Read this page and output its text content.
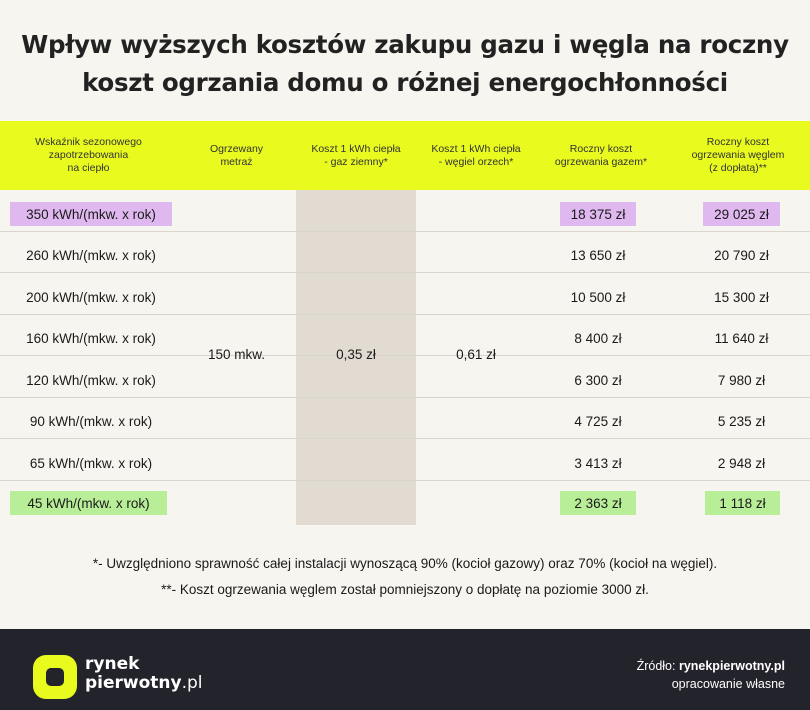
Wpływ wyższych kosztów zakupu gazu i węgla na roczny
koszt ogrzania domu o różnej energochłonności
Wskaźnik sezonowego
zapotrzebowania
na ciepło
Ogrzewany
metraż
Koszt 1 kWh ciepła
- gaz ziemny*
Koszt 1 kWh ciepła
- węgiel orzech*
Roczny koszt
ogrzewania gazem*
Roczny koszt
ogrzewania węglem
(z dopłatą)**
350 kWh/(mkw. x rok)
260 kWh/(mkw. x rok)
200 kWh/(mkw. x rok)
160 kWh/(mkw. x rok)
120 kWh/(mkw. x rok)
90 kWh/(mkw. x rok)
65 kWh/(mkw. x rok)
45 kWh/(mkw. x rok)
150 mkw.	0,35 zł	0,61 zł
18 375 zł
13 650 zł
10 500 zł
8 400 zł
6 300 zł
4 725 zł
3 413 zł
2 363 zł
29 025 zł
20 790 zł
15 300 zł
11 640 zł
7 980 zł
5 235 zł
2 948 zł
1 118 zł
*- Uwzględniono sprawność całej instalacji wynoszącą 90% (kocioł gazowy) oraz 70% (kocioł na węgiel).
**- Koszt ogrzewania węglem został pomniejszony o dopłatę na poziomie 3000 zł.
rynek
pierwotny.pl
Źródło: rynekpierwotny.pl
opracowanie własne
